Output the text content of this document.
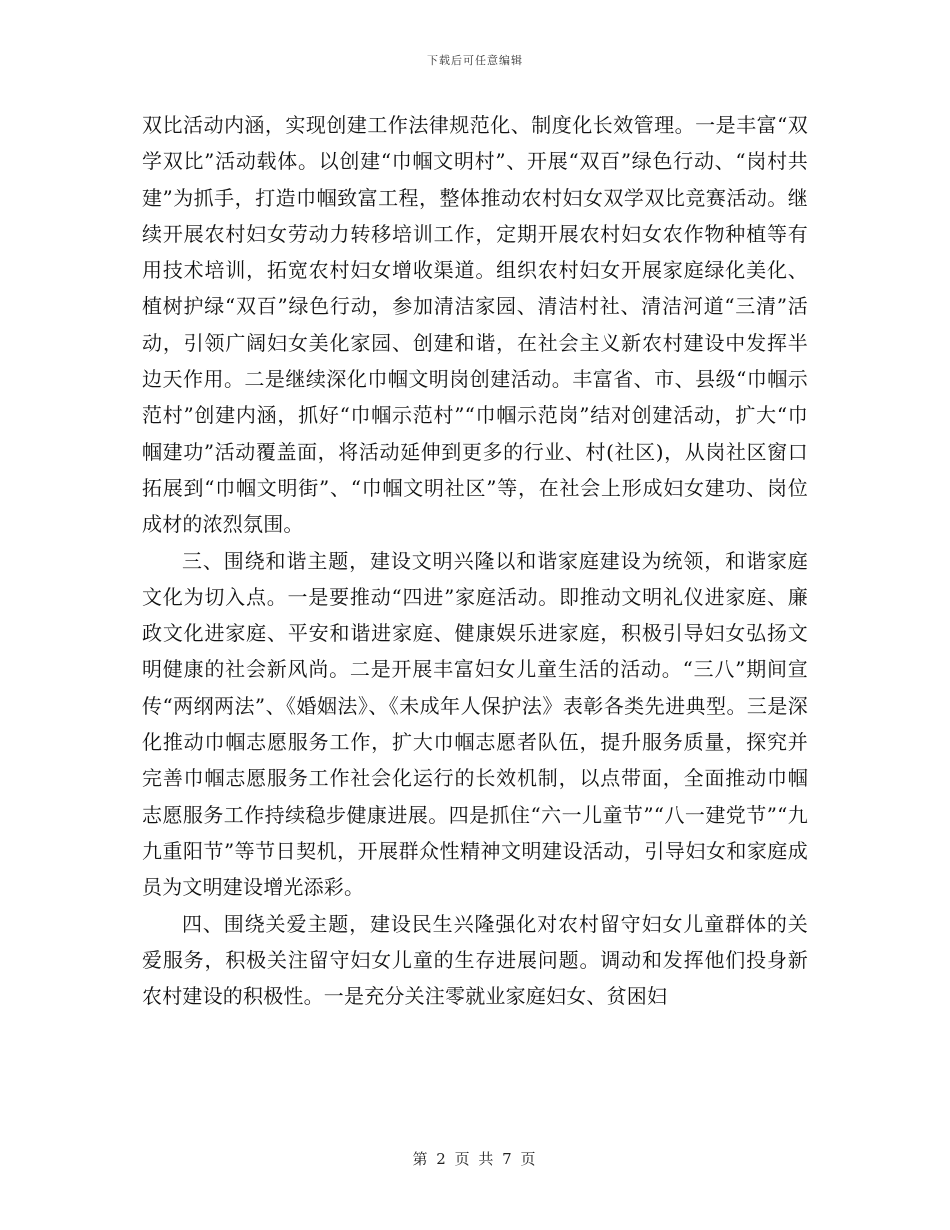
下载后可任意编辑

双比活动内涵，实现创建工作法律规范化、制度化长效管理。一是丰富“双学双比”活动载体。以创建“巾帼文明村”、开展“双百”绿色行动、“岗村共建”为抓手，打造巾帼致富工程，整体推动农村妇女双学双比竞赛活动。继续开展农村妇女劳动力转移培训工作，定期开展农村妇女农作物种植等有用技术培训，拓宽农村妇女增收渠道。组织农村妇女开展家庭绿化美化、植树护绿“双百”绿色行动，参加清洁家园、清洁村社、清洁河道“三清”活动，引领广阔妇女美化家园、创建和谐，在社会主义新农村建设中发挥半边天作用。二是继续深化巾帼文明岗创建活动。丰富省、市、县级“巾帼示范村”创建内涵，抓好“巾帼示范村”“巾帼示范岗”结对创建活动，扩大“巾帼建功”活动覆盖面，将活动延伸到更多的行业、村(社区)，从岗社区窗口拓展到“巾帼文明街”、“巾帼文明社区”等，在社会上形成妇女建功、岗位成材的浓烈氛围。

三、围绕和谐主题，建设文明兴隆以和谐家庭建设为统领，和谐家庭文化为切入点。一是要推动“四进”家庭活动。即推动文明礼仪进家庭、廉政文化进家庭、平安和谐进家庭、健康娱乐进家庭，积极引导妇女弘扬文明健康的社会新风尚。二是开展丰富妇女儿童生活的活动。“三八”期间宣传“两纲两法”、《婚姻法》、《未成年人保护法》表彰各类先进典型。三是深化推动巾帼志愿服务工作，扩大巾帼志愿者队伍，提升服务质量，探究并完善巾帼志愿服务工作社会化运行的长效机制，以点带面，全面推动巾帼志愿服务工作持续稳步健康进展。四是抓住“六一儿童节”“八一建党节”“九九重阳节”等节日契机，开展群众性精神文明建设活动，引导妇女和家庭成员为文明建设增光添彩。

四、围绕关爱主题，建设民生兴隆强化对农村留守妇女儿童群体的关爱服务，积极关注留守妇女儿童的生存进展问题。调动和发挥他们投身新农村建设的积极性。一是充分关注零就业家庭妇女、贫困妇

第 2 页 共 7 页
